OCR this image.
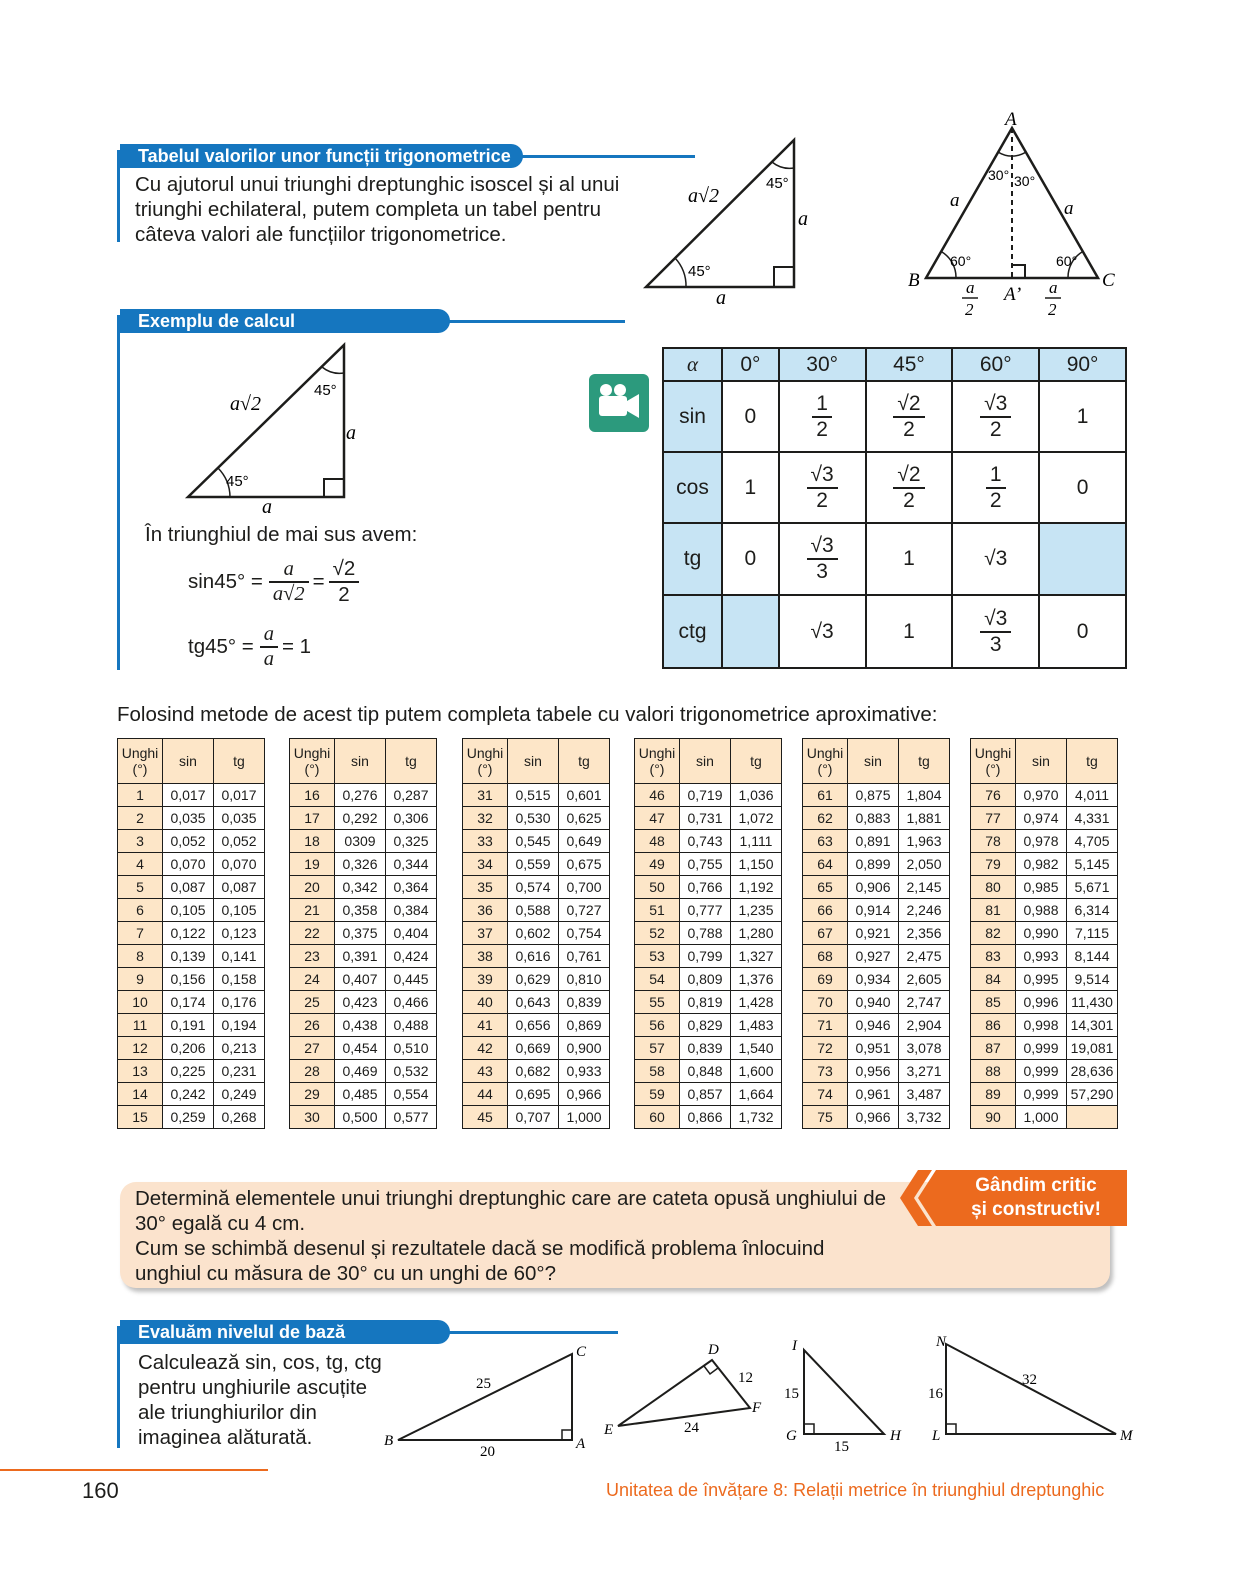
Tabelul valorilor unor funcții trigonometrice
Cu ajutorul unui triunghi dreptunghic isoscel și al unui triunghi echilateral, putem completa un tabel pentru câteva valori ale funcțiilor trigonometrice.
a√2
a
a
45°
45°
A
B	C
A’
a	a
30° 30°
60°	60°
a
2
a
2
Exemplu de calcul
a√2
a
a
45°
45°
În triunghiul de mai sus avem:
$\sin 45^\circ = \frac{a}{a√2} = \frac{√2}{2}$
$tg45^\circ = \frac{a}{a} = 1$
α	0°	30°	45°	60°	90°
sin	0	$\frac{1}{2}$	$\frac{√2}{2}$	$\frac{√3}{2}$	1
cos	1	$\frac{√3}{2}$	$\frac{√2}{2}$	$\frac{1}{2}$	0
tg	0	$\frac{√3}{3}$	1	√3	
ctg		√3	1	$\frac{√3}{3}$	0
Folosind metode de acest tip putem completa tabele cu valori trigonometrice aproximative:
Unghi (°)	sin	tg
1	0,017	0,017
2	0,035	0,035
3	0,052	0,052
4	0,070	0,070
5	0,087	0,087
6	0,105	0,105
7	0,122	0,123
8	0,139	0,141
9	0,156	0,158
10	0,174	0,176
11	0,191	0,194
12	0,206	0,213
13	0,225	0,231
14	0,242	0,249
15	0,259	0,268
Unghi (°)	sin	tg
16	0,276	0,287
17	0,292	0,306
18	0309	0,325
19	0,326	0,344
20	0,342	0,364
21	0,358	0,384
22	0,375	0,404
23	0,391	0,424
24	0,407	0,445
25	0,423	0,466
26	0,438	0,488
27	0,454	0,510
28	0,469	0,532
29	0,485	0,554
30	0,500	0,577
Unghi (°)	sin	tg
31	0,515	0,601
32	0,530	0,625
33	0,545	0,649
34	0,559	0,675
35	0,574	0,700
36	0,588	0,727
37	0,602	0,754
38	0,616	0,761
39	0,629	0,810
40	0,643	0,839
41	0,656	0,869
42	0,669	0,900
43	0,682	0,933
44	0,695	0,966
45	0,707	1,000
Unghi (°)	sin	tg
46	0,719	1,036
47	0,731	1,072
48	0,743	1,111
49	0,755	1,150
50	0,766	1,192
51	0,777	1,235
52	0,788	1,280
53	0,799	1,327
54	0,809	1,376
55	0,819	1,428
56	0,829	1,483
57	0,839	1,540
58	0,848	1,600
59	0,857	1,664
60	0,866	1,732
Unghi (°)	sin	tg
61	0,875	1,804
62	0,883	1,881
63	0,891	1,963
64	0,899	2,050
65	0,906	2,145
66	0,914	2,246
67	0,921	2,356
68	0,927	2,475
69	0,934	2,605
70	0,940	2,747
71	0,946	2,904
72	0,951	3,078
73	0,956	3,271
74	0,961	3,487
75	0,966	3,732
Unghi (°)	sin	tg
76	0,970	4,011
77	0,974	4,331
78	0,978	4,705
79	0,982	5,145
80	0,985	5,671
81	0,988	6,314
82	0,990	7,115
83	0,993	8,144
84	0,995	9,514
85	0,996	11,430
86	0,998	14,301
87	0,999	19,081
88	0,999	28,636
89	0,999	57,290
90	1,000	
Determină elementele unui triunghi dreptunghic care are cateta opusă unghiului de 30° egală cu 4 cm.
Cum se schimbă desenul și rezultatele dacă se modifică problema înlocuind unghiul cu măsura de 30° cu un unghi de 60°?
Gândim critic
și constructiv!
Evaluăm nivelul de bază
Calculează sin, cos, tg, ctg pentru unghiurile ascuțite ale triunghiurilor din imaginea alăturată.	B	A
C
25
20
D
E
F
12
24
I
G	H
15
15
N
L	M
16
32
160	Unitatea de învățare 8: Relații metrice în triunghiul dreptunghic
